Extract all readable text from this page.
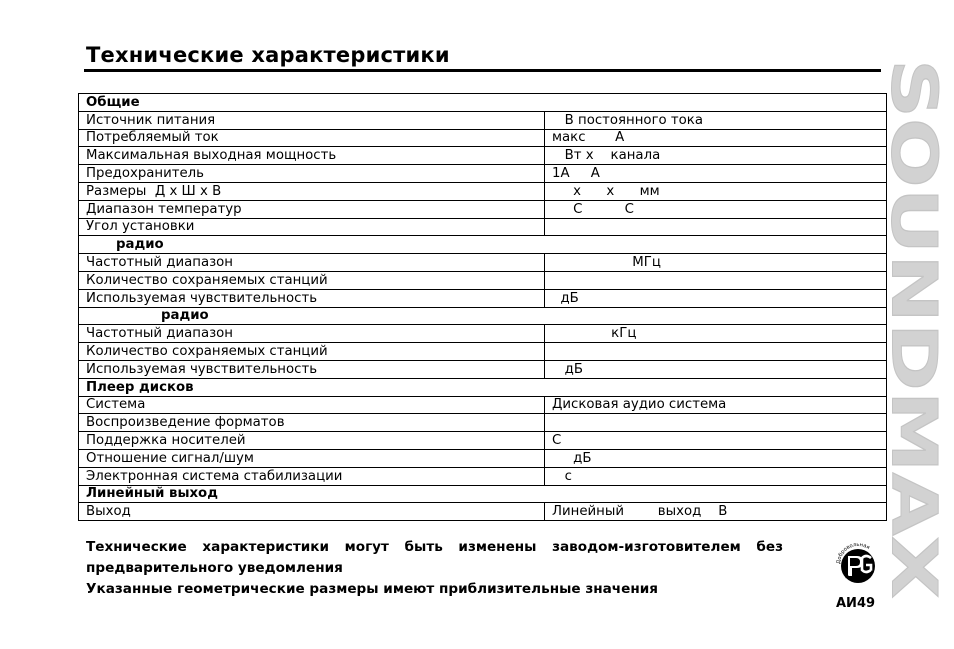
Технические характеристики
SOUNDMAX
Общие	
Источник питания	В постоянного тока
Потребляемый ток	макс       А
Максимальная выходная мощность	Вт х    канала
Предохранитель	1А     А
Размеры  Д х Ш х В	х      х      мм
Диапазон температур	С          С
Угол установки	
радио	
Частотный диапазон	МГц
Количество сохраняемых станций	
Используемая чувствительность	дБ
радио	
Частотный диапазон	кГц
Количество сохраняемых станций	
Используемая чувствительность	дБ
Плеер дисков	
Система	Дисковая аудио система
Воспроизведение форматов	
Поддержка носителей	С
Отношение сигнал/шум	дБ
Электронная система стабилизации	с
Линейный выход	
Выход	Линейный        выход    В
Технические характеристики могут быть изменены заводом-изготовителем без предварительного уведомления
Указанные геометрические размеры имеют приблизительные значения
Добровольная
сертификация
АИ49
